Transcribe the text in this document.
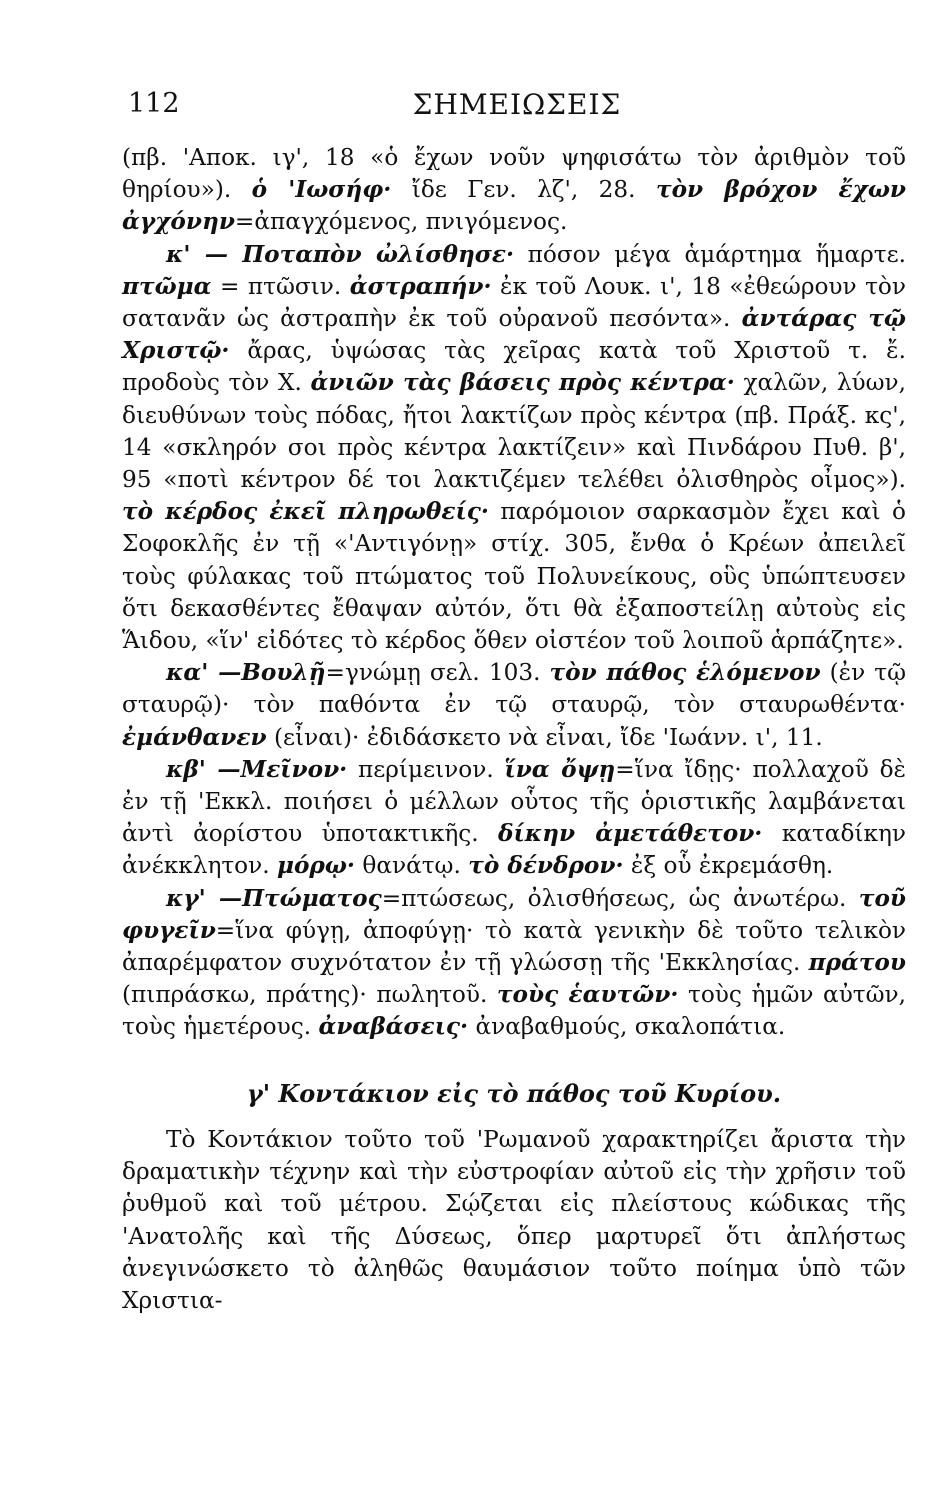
112	ΣΗΜΕΙΩΣΕΙΣ

(πβ. 'Αποκ. ιγ', 18 «ὁ ἔχων νοῦν ψηφισάτω τὸν ἀριθμὸν τοῦ θηρίου»). ὁ 'Ιωσήφ· ἴδε Γεν. λζ', 28. τὸν βρόχον ἔχων ἀγχόνην=ἀπαγχόμενος, πνιγόμενος.

κ' — Ποταπὸν ὠλίσθησε· πόσον μέγα ἁμάρτημα ἥμαρτε. πτῶμα = πτῶσιν. ἀστραπήν· ἐκ τοῦ Λουκ. ι', 18 «ἐθεώρουν τὸν σατανᾶν ὡς ἀστραπὴν ἐκ τοῦ οὐρανοῦ πεσόντα». ἀντάρας τῷ Χριστῷ· ἄρας, ὑψώσας τὰς χεῖρας κατὰ τοῦ Χριστοῦ τ. ἔ. προδοὺς τὸν Χ. ἀνιῶν τὰς βάσεις πρὸς κέντρα· χαλῶν, λύων, διευθύνων τοὺς πόδας, ἤτοι λακτίζων πρὸς κέντρα (πβ. Πράξ. κς', 14 «σκληρόν σοι πρὸς κέντρα λακτίζειν» καὶ Πινδάρου Πυθ. β', 95 «ποτὶ κέντρον δέ τοι λακτιζέμεν τελέθει ὀλισθηρὸς οἶμος»). τὸ κέρδος ἐκεῖ πληρωθείς· παρόμοιον σαρκασμὸν ἔχει καὶ ὁ Σοφοκλῆς ἐν τῇ «'Αντιγόνῃ» στίχ. 305, ἔνθα ὁ Κρέων ἀπειλεῖ τοὺς φύλακας τοῦ πτώματος τοῦ Πολυνείκους, οὓς ὑπώπτευσεν ὅτι δεκασθέντες ἔθαψαν αὐτόν, ὅτι θὰ ἐξαποστείλῃ αὐτοὺς εἰς Ἅιδου, «ἵν' εἰδότες τὸ κέρδος ὅθεν οἰστέον τοῦ λοιποῦ ἁρπάζητε».

κα' —Βουλῇ=γνώμῃ σελ. 103. τὸν πάθος ἑλόμενον (ἐν τῷ σταυρῷ)· τὸν παθόντα ἐν τῷ σταυρῷ, τὸν σταυρωθέντα· ἐμάνθανεν (εἶναι)· ἐδιδάσκετο νὰ εἶναι, ἴδε 'Ιωάνν. ι', 11.

κβ' —Μεῖνον· περίμεινον. ἵνα ὄψῃ=ἵνα ἴδῃς· πολλαχοῦ δὲ ἐν τῇ 'Εκκλ. ποιήσει ὁ μέλλων οὗτος τῆς ὁριστικῆς λαμβάνεται ἀντὶ ἀορίστου ὑποτακτικῆς. δίκην ἀμετάθετον· καταδίκην ἀνέκκλητον. μόρῳ· θανάτῳ. τὸ δένδρον· ἐξ οὗ ἐκρεμάσθη.

κγ' —Πτώματος=πτώσεως, ὀλισθήσεως, ὡς ἀνωτέρω. τοῦ φυγεῖν=ἵνα φύγῃ, ἀποφύγῃ· τὸ κατὰ γενικὴν δὲ τοῦτο τελικὸν ἀπαρέμφατον συχνότατον ἐν τῇ γλώσσῃ τῆς 'Εκκλησίας. πράτου (πιπράσκω, πράτης)· πωλητοῦ. τοὺς ἑαυτῶν· τοὺς ἡμῶν αὐτῶν, τοὺς ἡμετέρους. ἀναβάσεις· ἀναβαθμούς, σκαλοπάτια.

γ' Κοντάκιον εἰς τὸ πάθος τοῦ Κυρίου.

Τὸ Κοντάκιον τοῦτο τοῦ 'Ρωμανοῦ χαρακτηρίζει ἄριστα τὴν δραματικὴν τέχνην καὶ τὴν εὐστροφίαν αὐτοῦ εἰς τὴν χρῆσιν τοῦ ῥυθμοῦ καὶ τοῦ μέτρου. Σῴζεται εἰς πλείστους κώδικας τῆς 'Ανατολῆς καὶ τῆς Δύσεως, ὅπερ μαρτυρεῖ ὅτι ἀπλήστως ἀνεγινώσκετο τὸ ἀληθῶς θαυμάσιον τοῦτο ποίημα ὑπὸ τῶν Χριστια-
